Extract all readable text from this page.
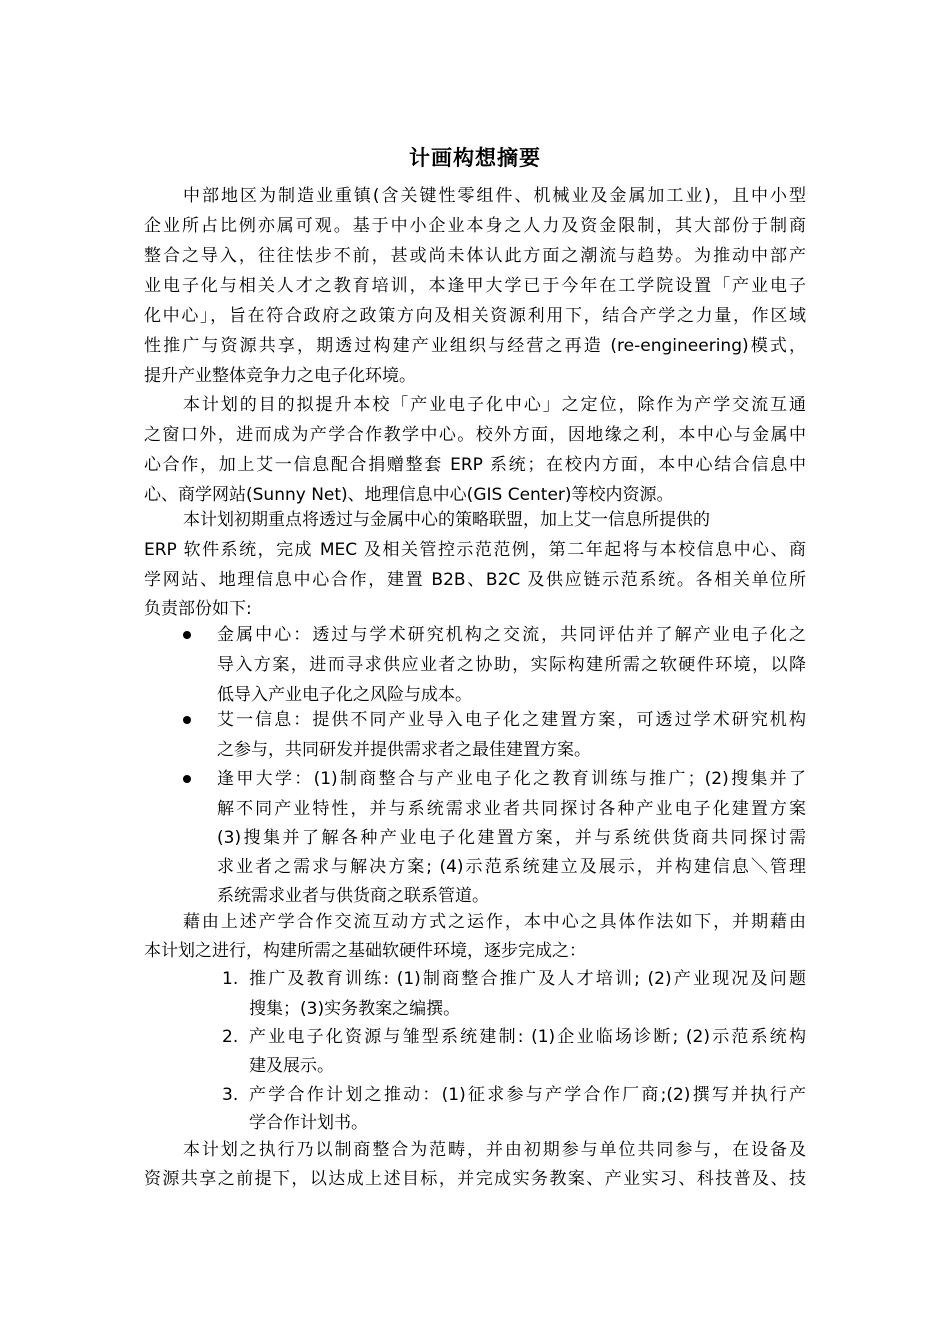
计画构想摘要
中部地区为制造业重镇(含关键性零组件、机械业及金属加工业)，且中小型
企业所占比例亦属可观。基于中小企业本身之人力及资金限制，其大部份于制商
整合之导入，往往怯步不前，甚或尚未体认此方面之潮流与趋势。为推动中部产
业电子化与相关人才之教育培训，本逢甲大学已于今年在工学院设置「产业电子
化中心」，旨在符合政府之政策方向及相关资源利用下，结合产学之力量，作区域
性推广与资源共享，期透过构建产业组织与经营之再造 (re-engineering)模式，
提升产业整体竞争力之电子化环境。
本计划的目的拟提升本校「产业电子化中心」之定位，除作为产学交流互通
之窗口外，进而成为产学合作教学中心。校外方面，因地缘之利，本中心与金属中
心合作，加上艾一信息配合捐赠整套 ERP 系统；在校内方面，本中心结合信息中
心、商学网站(Sunny Net)、地理信息中心(GIS Center)等校内资源。
本计划初期重点将透过与金属中心的策略联盟，加上艾一信息所提供的
ERP 软件系统，完成 MEC 及相关管控示范范例，第二年起将与本校信息中心、商
学网站、地理信息中心合作，建置 B2B、B2C 及供应链示范系统。各相关单位所
负责部份如下:
金属中心：透过与学术研究机构之交流，共同评估并了解产业电子化之
导入方案，进而寻求供应业者之协助，实际构建所需之软硬件环境，以降
低导入产业电子化之风险与成本。
艾一信息：提供不同产业导入电子化之建置方案，可透过学术研究机构
之参与，共同研发并提供需求者之最佳建置方案。
逢甲大学：(1)制商整合与产业电子化之教育训练与推广；(2)搜集并了
解不同产业特性，并与系统需求业者共同探讨各种产业电子化建置方案
(3)搜集并了解各种产业电子化建置方案，并与系统供货商共同探讨需
求业者之需求与解决方案; (4)示范系统建立及展示，并构建信息＼管理
系统需求业者与供货商之联系管道。
藉由上述产学合作交流互动方式之运作，本中心之具体作法如下，并期藉由
本计划之进行，构建所需之基础软硬件环境，逐步完成之：
1. 推广及教育训练: (1)制商整合推广及人才培训; (2)产业现况及问题
搜集；(3)实务教案之编撰。
2. 产业电子化资源与雏型系统建制: (1)企业临场诊断; (2)示范系统构
建及展示。
3. 产学合作计划之推动：(1)征求参与产学合作厂商;(2)撰写并执行产
学合作计划书。
本计划之执行乃以制商整合为范畴，并由初期参与单位共同参与，在设备及
资源共享之前提下，以达成上述目标，并完成实务教案、产业实习、科技普及、技
